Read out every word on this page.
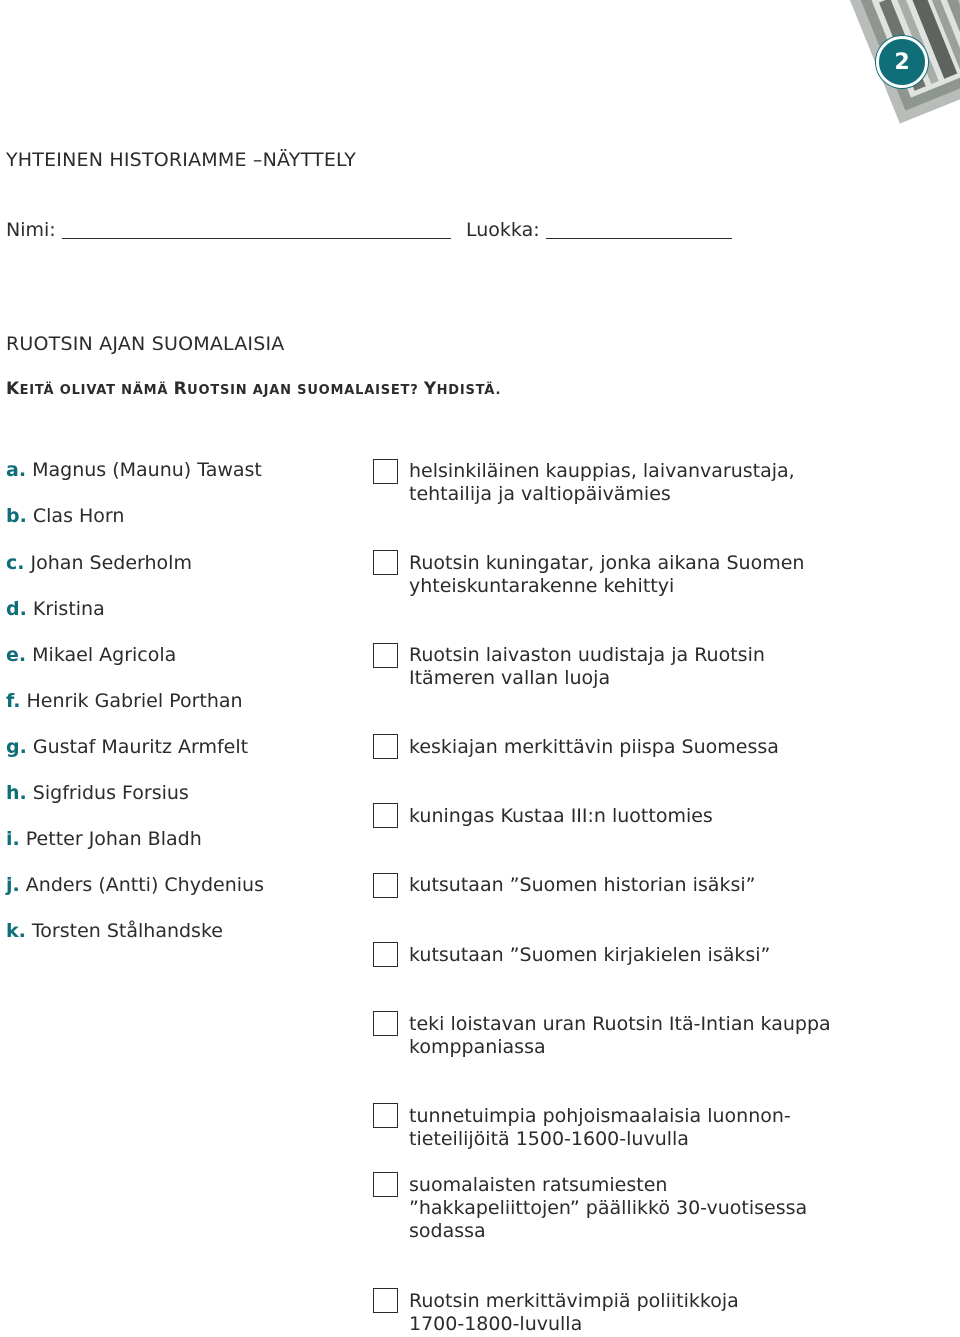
2
YHTEINEN HISTORIAMME –NÄYTTELY
Nimi:	Luokka:
RUOTSIN AJAN SUOMALAISIA
KEITÄ OLIVAT NÄMÄ RUOTSIN AJAN SUOMALAISET? YHDISTÄ.
a. Magnus (Maunu) Tawast
b. Clas Horn
c. Johan Sederholm
d. Kristina
e. Mikael Agricola
f. Henrik Gabriel Porthan
g. Gustaf Mauritz Armfelt
h. Sigfridus Forsius
i. Petter Johan Bladh
j. Anders (Antti) Chydenius
k. Torsten Stålhandske
helsinkiläinen kauppias, laivanvarustaja,
tehtailija ja valtiopäivämies
Ruotsin kuningatar, jonka aikana Suomen
yhteiskuntarakenne kehittyi
Ruotsin laivaston uudistaja ja Ruotsin
Itämeren vallan luoja
keskiajan merkittävin piispa Suomessa
kuningas Kustaa III:n luottomies
kutsutaan ”Suomen historian isäksi”
kutsutaan ”Suomen kirjakielen isäksi”
teki loistavan uran Ruotsin Itä-Intian kauppa
komppaniassa
tunnetuimpia pohjoismaalaisia luonnon-
tieteilijöitä 1500-1600-luvulla
suomalaisten ratsumiesten
”hakkapeliittojen” päällikkö 30-vuotisessa
sodassa
Ruotsin merkittävimpiä poliitikkoja
1700-1800-luvulla
